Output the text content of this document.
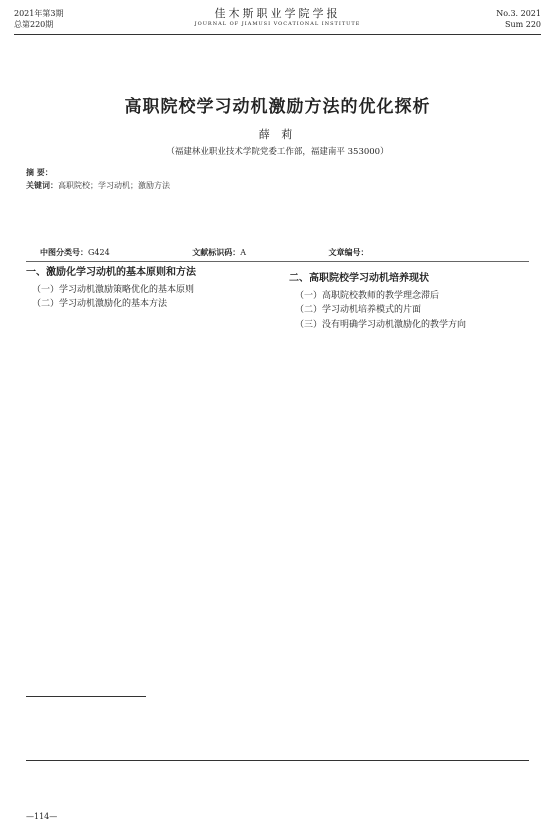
2021年第3期
总第220期
佳木斯职业学院学报
JOURNAL OF JIAMUSI VOCATIONAL INSTITUTE
No.3. 2021
Sum 220
高职院校学习动机激励方法的优化探析
薛 莉
（福建林业职业技术学院党委工作部，福建南平 353000）
摘 要：
关键词：高职院校；学习动机；激励方法
中图分类号：G424	文献标识码：A	文章编号：
一、激励化学习动机的基本原则和方法
（一）学习动机激励策略优化的基本原则

（二）学习动机激励化的基本方法

二、高职院校学习动机培养现状
（一）高职院校教师的教学理念滞后

（二）学习动机培养模式的片面

（三）没有明确学习动机激励化的教学方向

—114—
